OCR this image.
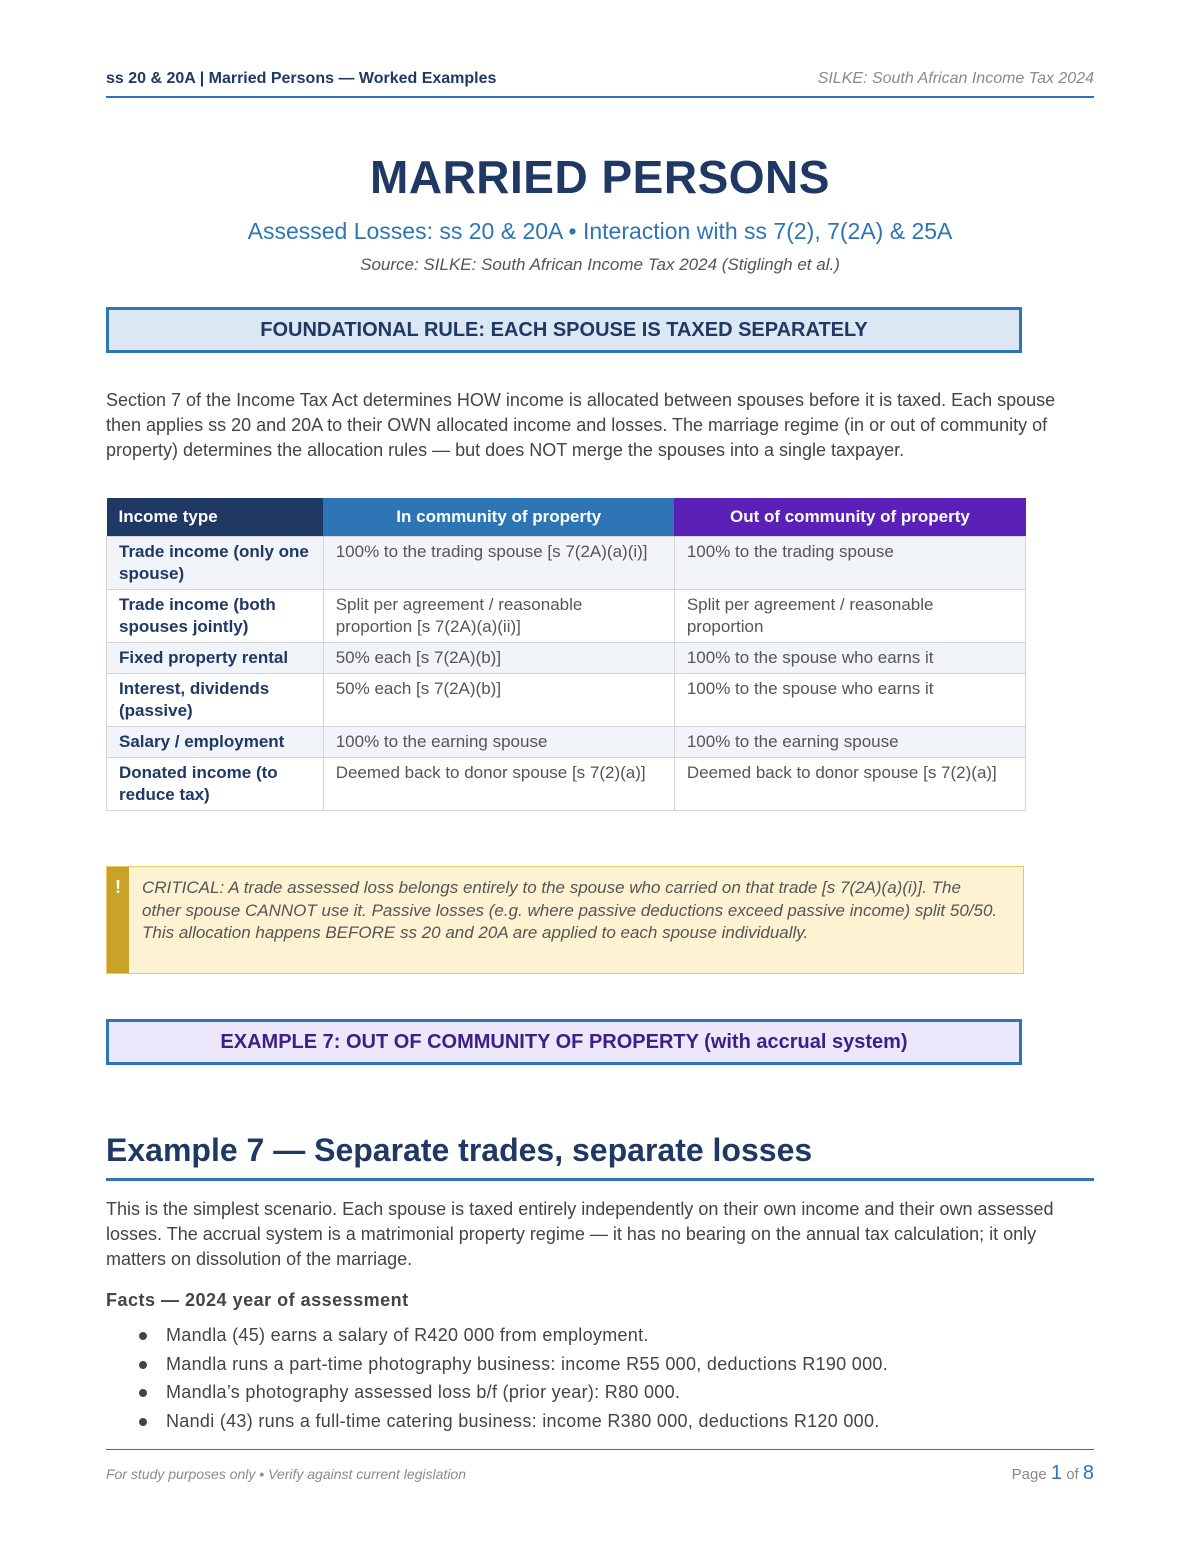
ss 20 & 20A | Married Persons — Worked Examples	SILKE: South African Income Tax 2024
MARRIED PERSONS
Assessed Losses: ss 20 & 20A • Interaction with ss 7(2), 7(2A) & 25A
Source: SILKE: South African Income Tax 2024 (Stiglingh et al.)
FOUNDATIONAL RULE: EACH SPOUSE IS TAXED SEPARATELY

Section 7 of the Income Tax Act determines HOW income is allocated between spouses before it is taxed. Each spouse then applies ss 20 and 20A to their OWN allocated income and losses. The marriage regime (in or out of community of property) determines the allocation rules — but does NOT merge the spouses into a single taxpayer.

Income type	In community of property	Out of community of property
Trade income (only one spouse)	100% to the trading spouse [s 7(2A)(a)(i)]	100% to the trading spouse
Trade income (both spouses jointly)	Split per agreement / reasonable proportion [s 7(2A)(a)(ii)]	Split per agreement / reasonable proportion
Fixed property rental	50% each [s 7(2A)(b)]	100% to the spouse who earns it
Interest, dividends (passive)	50% each [s 7(2A)(b)]	100% to the spouse who earns it
Salary / employment	100% to the earning spouse	100% to the earning spouse
Donated income (to reduce tax)	Deemed back to donor spouse [s 7(2)(a)]	Deemed back to donor spouse [s 7(2)(a)]
!	CRITICAL: A trade assessed loss belongs entirely to the spouse who carried on that trade [s 7(2A)(a)(i)]. The other spouse CANNOT use it. Passive losses (e.g. where passive deductions exceed passive income) split 50/50. This allocation happens BEFORE ss 20 and 20A are applied to each spouse individually.
EXAMPLE 7: OUT OF COMMUNITY OF PROPERTY (with accrual system)
Example 7 — Separate trades, separate losses

This is the simplest scenario. Each spouse is taxed entirely independently on their own income and their own assessed losses. The accrual system is a matrimonial property regime — it has no bearing on the annual tax calculation; it only matters on dissolution of the marriage.

Facts — 2024 year of assessment
Mandla (45) earns a salary of R420 000 from employment.
Mandla runs a part-time photography business: income R55 000, deductions R190 000.
Mandla’s photography assessed loss b/f (prior year): R80 000.
Nandi (43) runs a full-time catering business: income R380 000, deductions R120 000.
For study purposes only • Verify against current legislation	Page 1 of 8
